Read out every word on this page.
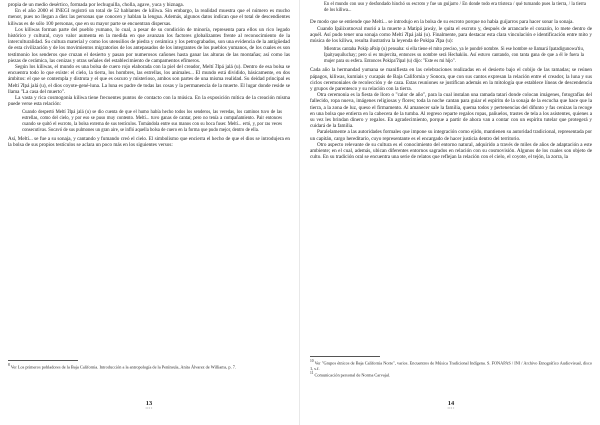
propia de un medio desértico, formada por lechuguilla, cholla, agave, yuca y biznaga.

En el año 2000 el INEGI registró un total de 52 hablantes de kiliwa. Sin embargo, la realidad muestra que el número es mucho menor, pues no llegan a diez las personas que conocen y hablan la lengua. Además, algunos datos indican que el total de descendientes kiliwas es de sólo 100 personas, que en su mayor parte se encuentran dispersas.

Los kiliwas forman parte del pueblo yumano, lo cual, a pesar de su condición de minoría, representa para ellos un rico legado histórico y cultural, cuyo valor aumenta en la medida en que avanzan los factores globalizantes frente al reconocimiento de la interculturalidad. Su cultura material y como los utensilios de piedra y cerámica y los petrograbados, son una evidencia de la antigüedad de esta civilización y de los movimientos migratorios de los antepasados de los integrantes de los pueblos yumanos, de los cuales es son testimonio los senderos que cruzan el desierto y pasan por numerosos cañones hasta ganar las alturas de las montañas; así como las piezas de cerámica, las cenizas y otras señales del establecimiento de campamentos efímeros.

Según los kiliwas, el mundo es una bolsa de cuero rojo elaborada con la piel del creador, Meltí ʔIpá jalá (u). Dentro de esa bolsa se encuentra todo lo que existe: el cielo, la tierra, los hombres, las estrellas, los animales... El mundo está dividido, básicamente, en dos ámbitos: el que se contempla y distruta y el que es oscuro y misterioso, ambos son partes de una misma realidad. Su deidad principal es Meltí ʔIpá jalá (u), el dios coyote-gené-luna. La luna es padre de todas las cosas y la permanencia de la muerte. El lugar donde reside se llama "La casa del muerto".

La vasta y rica cosmogonía kiliwa tiene frecuentes puntos de contacto con la música. En la exposición mítica de la creación misma puede verse esta relación:

Cuando despertó Meltí ʔIpá jalá (u) se dio cuenta de que el humo había hecho todos los senderos, las veredas, los caminos tuvo de las estrellas, como del cielo, y por eso se puso muy contento. Meltí... tuvo ganas de cantar, pero no tenía a compañamiento. Pair entonces cuando se quitó el escroto, la bolsa externa de sus testículos. Tomándola entre sus manos con su boca fuser. Meltí... ertó, y, por ras veces consecutivas. Socavó de sus pulmones un gran aire, se infló aquella bolsa de cuero en la forma que pudo mejor, dentro de ella.

Así, Meltí... se fue a su sonaja, y cantando y fumando creó el cielo. El simbolismo que encierra el hecho de que el dios se introdujera en la bolsa de sus propios testículos se aclara un poco más en los siguientes versos:

$^8$ Ver Los primeros pobladores de la Baja California. Introducción a la antropología de la Península, Anita Álvarez de Williams, p. 7.

13
I I I I

En el mundo con uso y desfondado hinchó su escroto y fue un guijarro / En donde todo era tristeza / qué turnando pues la tierra, / la tierra de los kiliwa...

De modo que se entiende que Meltí... se introdujo en la bolsa de su escroto porque no había guijarros para hacer sonar la sonaja.

Cuando Ipáiixotnoval murió a la muerte a Matipá jawáy, le quita el escroto y, después de arrancarle el corazón, lo mete dentro de aquél. Así pudo tener una sonaja como Meltí ʔIpá jalá (u). Finalmente, para destacar esta clara vinculación e identificación entre mito y música de los kiliwa, resulta ilustrativa la leyenda de Pokipa ʔIpa (u):

Mientras cantaba Pokip aPaip (u) pensaba: si ella tiene el mito preciso, ya le pondré nombre. Si ese hombre se llamará Ipatadigunowa'tiu, Ipaityaquiluchay; pero si es mujercita, entonces su nombre será Hechakiiu. Así estuvo cantando, con tanta gana de que a él le fuera la mujer para su esfera. Entonces Pokipa'ʔipal (u) dijo: "Este es mi hijo".

Cada año la hermandad yumana se manifiesta en las celebraciones realizadas en el desierto bajo el cobijo de las ramadas; se reúnen pápagos, kiliwas, kumiais y cucapás de Baja California y Sonora, que con sus cantos expresan la relación entre el creador, la luna y sus ciclos ceremoniales de recolección y de caza. Estas reuniones se justifican además en la mitología que establece líneas de descendencia y grupos de parentesco y su relación con la tierra.

Otra ceremonia es la fiesta de lloro o "calor de año", para la cual instalan una ramada tatarí donde colocan imágenes, fotografías del fallecido, ropa nueva, imágenes religiosas y flores; toda la noche cantan para guiar el espíritu de la sonaja de la escucha que hace que la tierra, a la zona de luz, queso el firmamento. Al amanecer sale la familia, quema todos y pertenencias del difunto y fas cenizas la recoge en una bolsa que entierra en la cabecera de la tumba. Al regreso reparte regalos ropas, pañuelos, trastes de tela a los asistentes, quienes a su vez les brindan dinero y regalos. En agradecimiento, porque a partir de ahora van a contar con un espíritu tutelar que protegerá y cuidará de la familia.

Paralelamente a las autoridades formales que impone su integración como ejido, mantienen su autoridad tradicional, representada por un capitán, cargo hereditario, cuyo representante es el encargado de hacer justicia dentro del territorio.

Otro aspecto relevante de su cultura es el conocimiento del entorno natural, adquirido a través de miles de años de adaptación a este ambiente; en el cual, además, ubican diferentes entornos sagrados en relación con su cosmovisión. Algunos de los cuales son objeto de culto. En su tradición oral se encuentra una serie de relatos que reflejan la relación con el cielo, el coyote, el tejón, la zorra, la

$^{10}$ Ver "Grupos étnicos de Baja California Norte", varios. Encuentros de Música Tradicional Indígena. S. FONAPAS / INI / Archivo Etnográfico Audiovisual, disco 1, s.f.

$^{11}$ Comunicación personal de Norma Carvajal.

14
I I I I
